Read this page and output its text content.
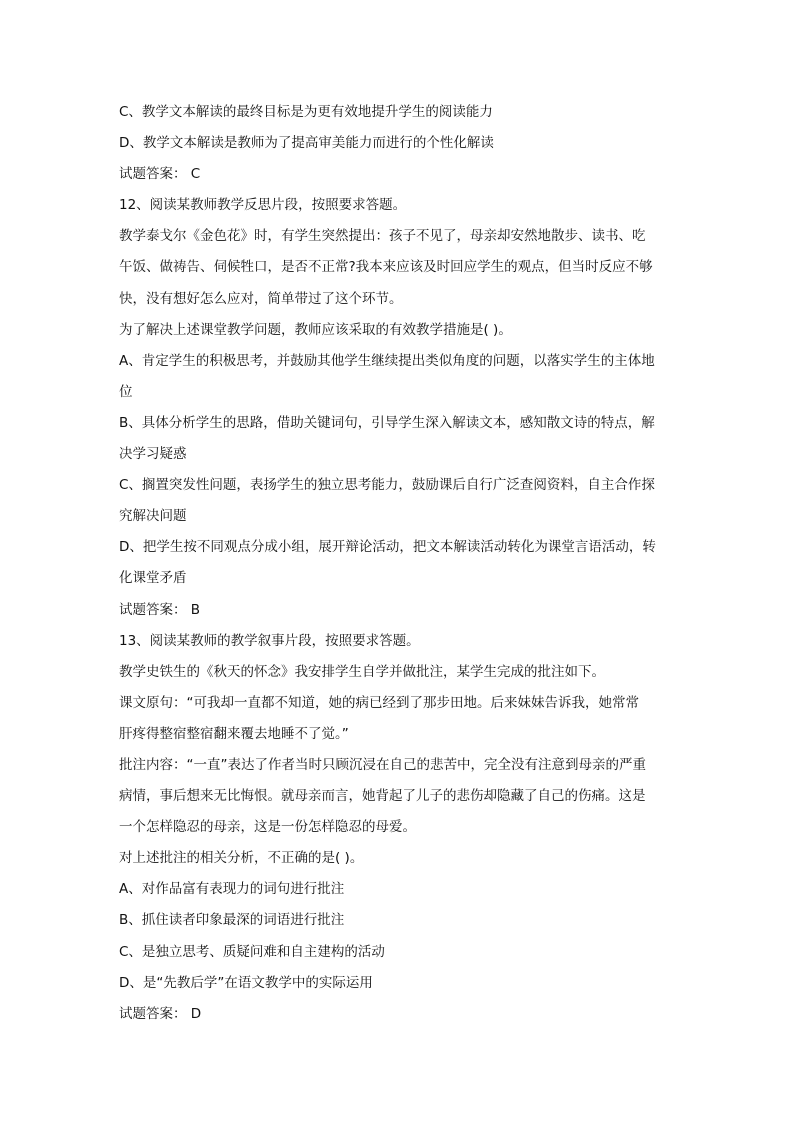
C、教学文本解读的最终目标是为更有效地提升学生的阅读能力
D、教学文本解读是教师为了提高审美能力而进行的个性化解读
试题答案： C
12、阅读某教师教学反思片段，按照要求答题。
教学泰戈尔《金色花》时，有学生突然提出：孩子不见了，母亲却安然地散步、读书、吃
午饭、做祷告、伺候牲口，是否不正常?我本来应该及时回应学生的观点，但当时反应不够
快，没有想好怎么应对，简单带过了这个环节。
为了解决上述课堂教学问题，教师应该采取的有效教学措施是( )。
A、肯定学生的积极思考，并鼓励其他学生继续提出类似角度的问题，以落实学生的主体地
位
B、具体分析学生的思路，借助关键词句，引导学生深入解读文本，感知散文诗的特点，解
决学习疑惑
C、搁置突发性问题，表扬学生的独立思考能力，鼓励课后自行广泛查阅资料，自主合作探
究解决问题
D、把学生按不同观点分成小组，展开辩论活动，把文本解读活动转化为课堂言语活动，转
化课堂矛盾
试题答案： B
13、阅读某教师的教学叙事片段，按照要求答题。
教学史铁生的《秋天的怀念》我安排学生自学并做批注，某学生完成的批注如下。
课文原句：“可我却一直都不知道，她的病已经到了那步田地。后来妹妹告诉我，她常常
肝疼得整宿整宿翻来覆去地睡不了觉。”
批注内容：“一直”表达了作者当时只顾沉浸在自己的悲苦中，完全没有注意到母亲的严重
病情，事后想来无比悔恨。就母亲而言，她背起了儿子的悲伤却隐藏了自己的伤痛。这是
一个怎样隐忍的母亲，这是一份怎样隐忍的母爱。
对上述批注的相关分析，不正确的是( )。
A、对作品富有表现力的词句进行批注
B、抓住读者印象最深的词语进行批注
C、是独立思考、质疑问难和自主建构的活动
D、是“先教后学”在语文教学中的实际运用
试题答案： D
